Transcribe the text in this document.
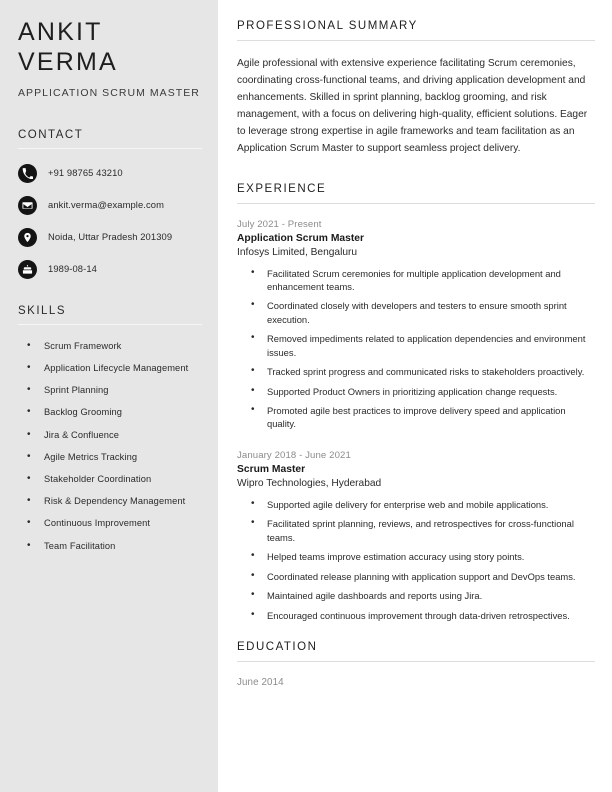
ANKIT VERMA
APPLICATION SCRUM MASTER
CONTACT
+91 98765 43210
ankit.verma@example.com
Noida, Uttar Pradesh 201309
1989-08-14
SKILLS
• Scrum Framework
• Application Lifecycle Management
• Sprint Planning
• Backlog Grooming
• Jira & Confluence
• Agile Metrics Tracking
• Stakeholder Coordination
• Risk & Dependency Management
• Continuous Improvement
• Team Facilitation
PROFESSIONAL SUMMARY

Agile professional with extensive experience facilitating Scrum ceremonies, coordinating cross-functional teams, and driving application development and enhancements. Skilled in sprint planning, backlog grooming, and risk management, with a focus on delivering high-quality, efficient solutions. Eager to leverage strong expertise in agile frameworks and team facilitation as an Application Scrum Master to support seamless project delivery.

EXPERIENCE
July 2021 - Present
Application Scrum Master
Infosys Limited, Bengaluru
• Facilitated Scrum ceremonies for multiple application development and enhancement teams.
• Coordinated closely with developers and testers to ensure smooth sprint execution.
• Removed impediments related to application dependencies and environment issues.
• Tracked sprint progress and communicated risks to stakeholders proactively.
• Supported Product Owners in prioritizing application change requests.
• Promoted agile best practices to improve delivery speed and application quality.
January 2018 - June 2021
Scrum Master
Wipro Technologies, Hyderabad
• Supported agile delivery for enterprise web and mobile applications.
• Facilitated sprint planning, reviews, and retrospectives for cross-functional teams.
• Helped teams improve estimation accuracy using story points.
• Coordinated release planning with application support and DevOps teams.
• Maintained agile dashboards and reports using Jira.
• Encouraged continuous improvement through data-driven retrospectives.
EDUCATION
June 2014
